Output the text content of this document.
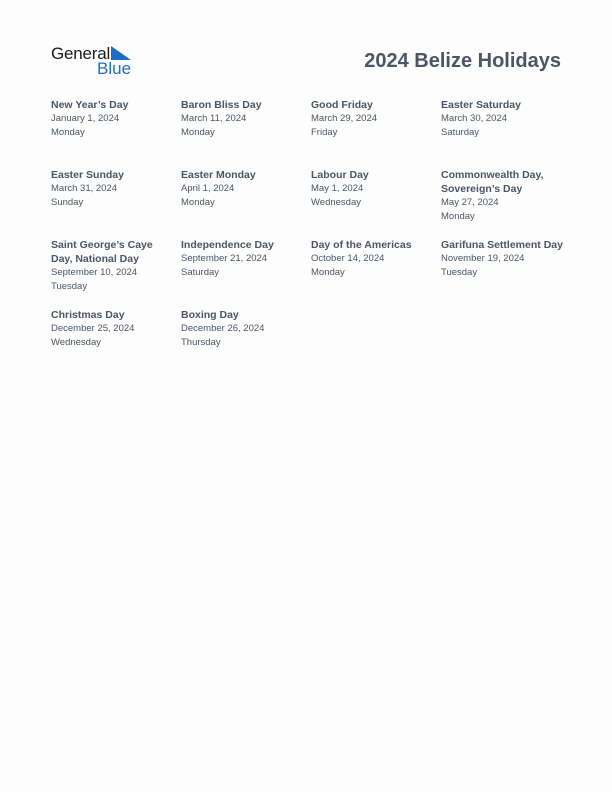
General
Blue	2024 Belize Holidays
New Year’s Day
January 1, 2024
Monday
Baron Bliss Day
March 11, 2024
Monday
Good Friday
March 29, 2024
Friday
Easter Saturday
March 30, 2024
Saturday
Easter Sunday
March 31, 2024
Sunday
Easter Monday
April 1, 2024
Monday
Labour Day
May 1, 2024
Wednesday
Commonwealth Day, Sovereign’s Day
May 27, 2024
Monday
Saint George’s Caye Day, National Day
September 10, 2024
Tuesday
Independence Day
September 21, 2024
Saturday
Day of the Americas
October 14, 2024
Monday
Garifuna Settlement Day
November 19, 2024
Tuesday
Christmas Day
December 25, 2024
Wednesday
Boxing Day
December 26, 2024
Thursday
